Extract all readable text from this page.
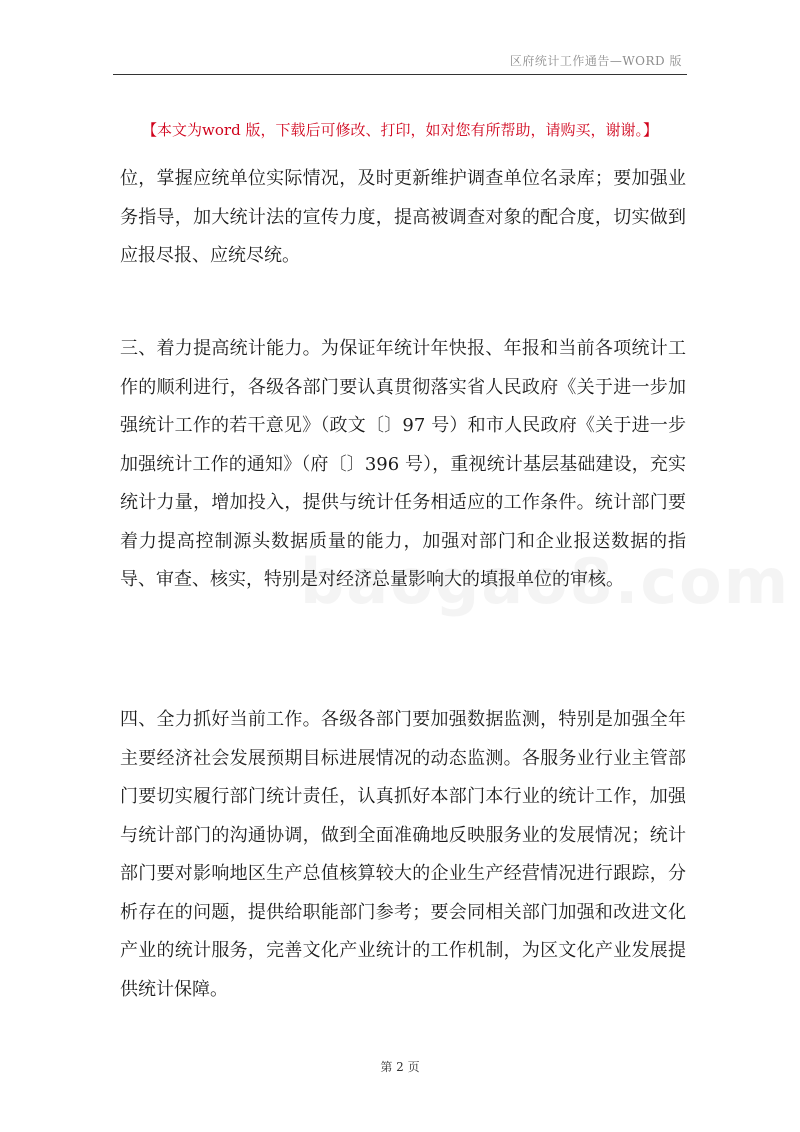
区府统计工作通告—WORD 版
【本文为word 版，下载后可修改、打印，如对您有所帮助，请购买，谢谢。】

位，掌握应统单位实际情况，及时更新维护调查单位名录库；要加强业务指导，加大统计法的宣传力度，提高被调查对象的配合度，切实做到应报尽报、应统尽统。

三、着力提高统计能力。为保证年统计年快报、年报和当前各项统计工作的顺利进行，各级各部门要认真贯彻落实省人民政府《关于进一步加强统计工作的若干意见》（政文〔〕97 号）和市人民政府《关于进一步加强统计工作的通知》（府〔〕396 号），重视统计基层基础建设，充实统计力量，增加投入，提供与统计任务相适应的工作条件。统计部门要着力提高控制源头数据质量的能力，加强对部门和企业报送数据的指导、审查、核实，特别是对经济总量影响大的填报单位的审核。

四、全力抓好当前工作。各级各部门要加强数据监测，特别是加强全年主要经济社会发展预期目标进展情况的动态监测。各服务业行业主管部门要切实履行部门统计责任，认真抓好本部门本行业的统计工作，加强与统计部门的沟通协调，做到全面准确地反映服务业的发展情况；统计部门要对影响地区生产总值核算较大的企业生产经营情况进行跟踪，分析存在的问题，提供给职能部门参考；要会同相关部门加强和改进文化产业的统计服务，完善文化产业统计的工作机制，为区文化产业发展提供统计保障。

第 2 页
